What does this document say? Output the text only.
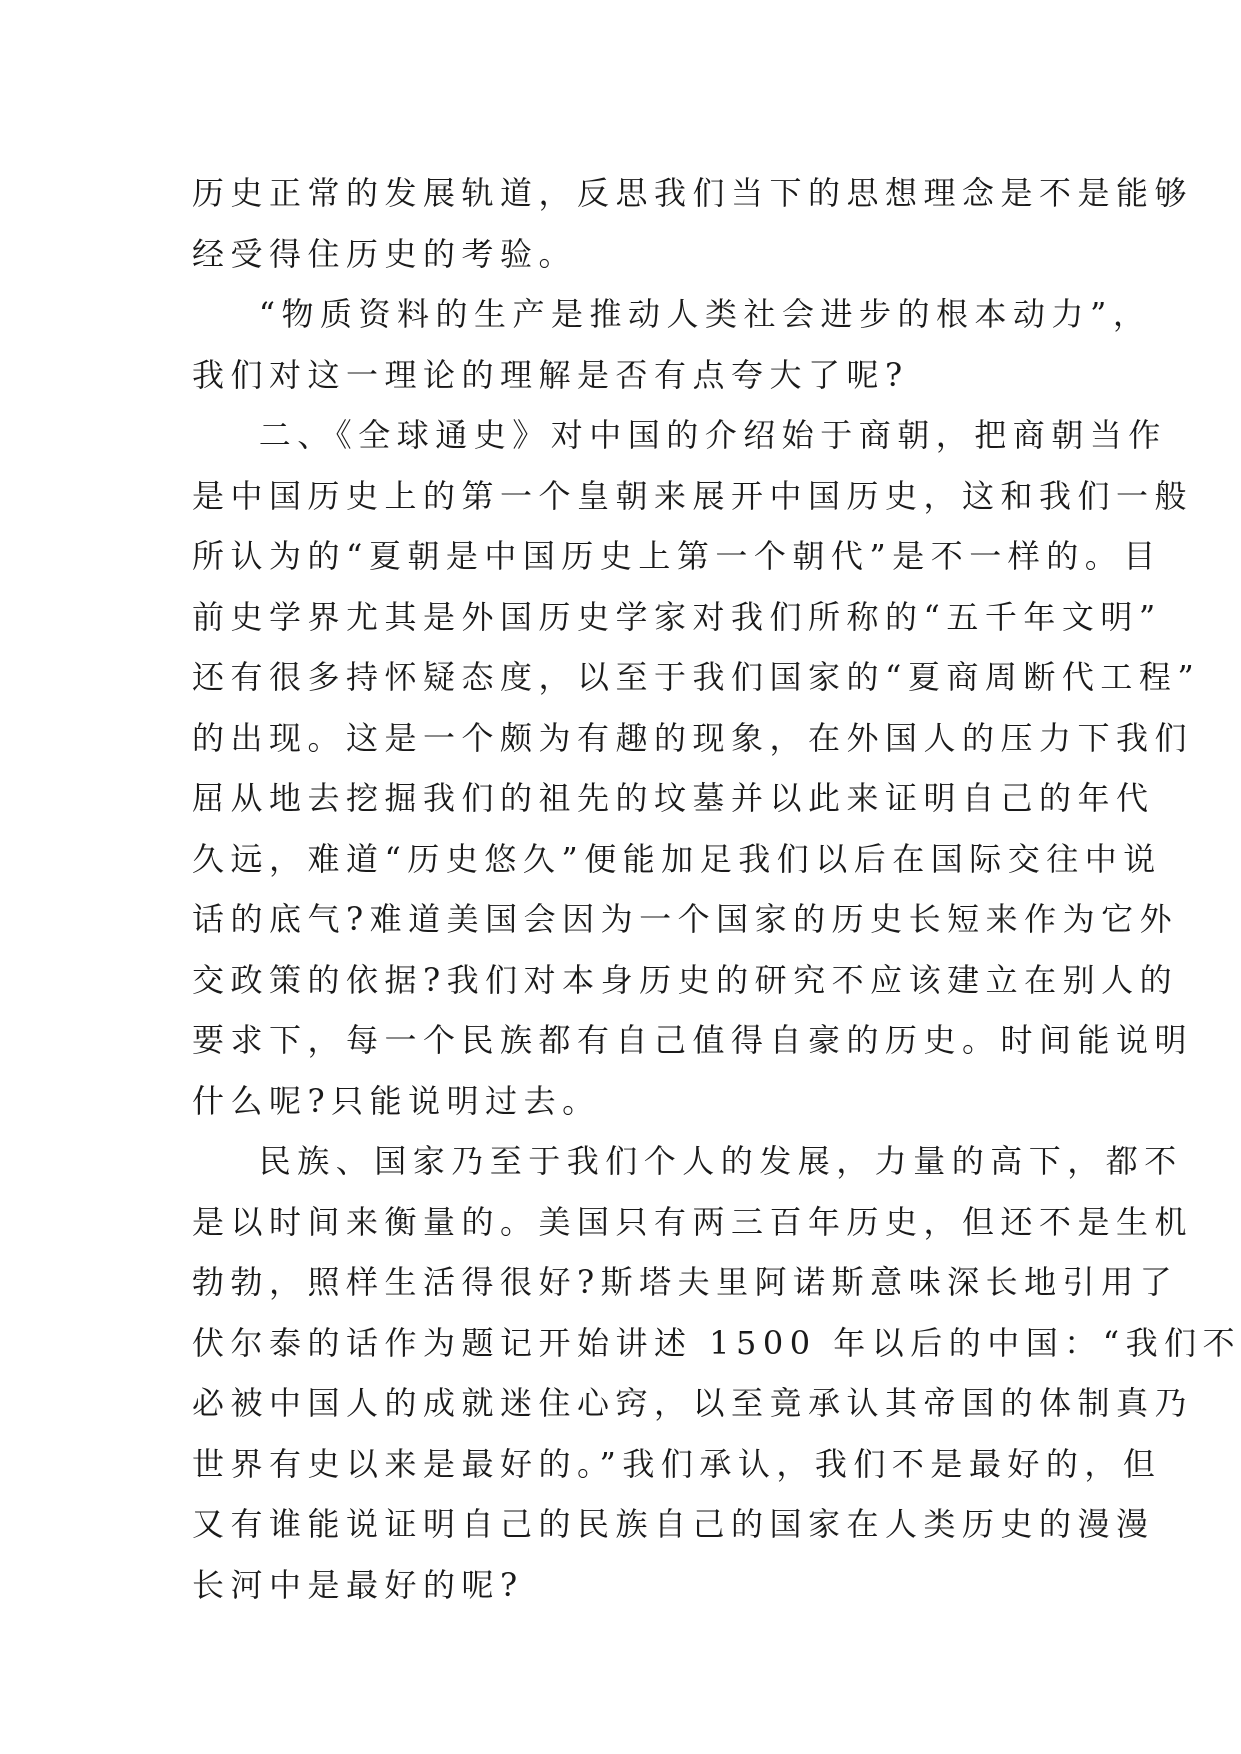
历史正常的发展轨道，反思我们当下的思想理念是不是能够
经受得住历史的考验。
“物质资料的生产是推动人类社会进步的根本动力”，
我们对这一理论的理解是否有点夸大了呢?
二、《全球通史》对中国的介绍始于商朝，把商朝当作
是中国历史上的第一个皇朝来展开中国历史，这和我们一般
所认为的“夏朝是中国历史上第一个朝代”是不一样的。目
前史学界尤其是外国历史学家对我们所称的“五千年文明”
还有很多持怀疑态度，以至于我们国家的“夏商周断代工程”
的出现。这是一个颇为有趣的现象，在外国人的压力下我们
屈从地去挖掘我们的祖先的坟墓并以此来证明自己的年代
久远，难道“历史悠久”便能加足我们以后在国际交往中说
话的底气?难道美国会因为一个国家的历史长短来作为它外
交政策的依据?我们对本身历史的研究不应该建立在别人的
要求下，每一个民族都有自己值得自豪的历史。时间能说明
什么呢?只能说明过去。
民族、国家乃至于我们个人的发展，力量的高下，都不
是以时间来衡量的。美国只有两三百年历史，但还不是生机
勃勃，照样生活得很好?斯塔夫里阿诺斯意味深长地引用了
伏尔泰的话作为题记开始讲述 1500 年以后的中国：“我们不
必被中国人的成就迷住心窍，以至竟承认其帝国的体制真乃
世界有史以来是最好的。”我们承认，我们不是最好的，但
又有谁能说证明自己的民族自己的国家在人类历史的漫漫
长河中是最好的呢?
